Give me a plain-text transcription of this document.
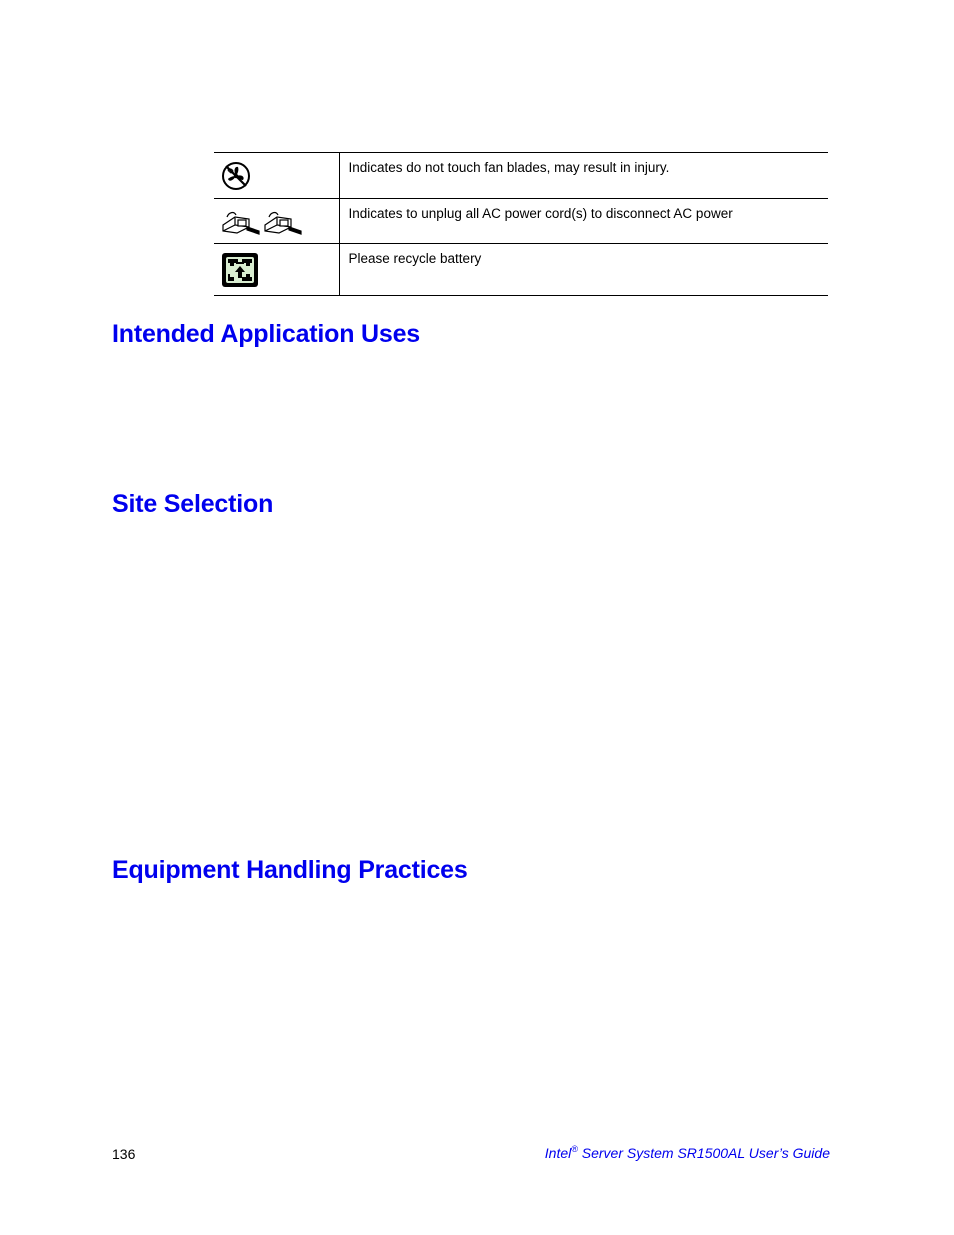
	Indicates do not touch fan blades, may result in injury.
	Indicates to unplug all AC power cord(s) to disconnect AC power
	Please recycle battery
Intended Application Uses
Site Selection
Equipment Handling Practices
136	Intel® Server System SR1500AL User’s Guide
